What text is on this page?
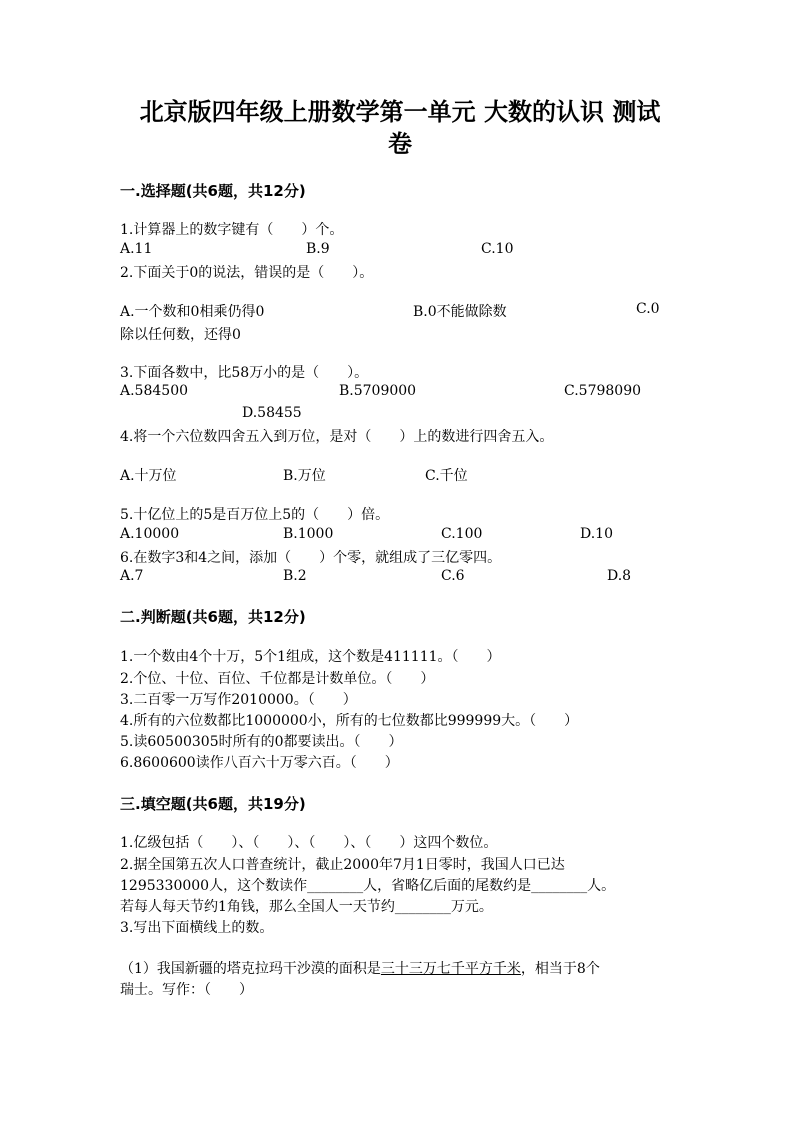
北京版四年级上册数学第一单元 大数的认识 测试
卷
一.选择题(共6题，共12分)
1.计算器上的数字键有（　　）个。
A.11	B.9	C.10
2.下面关于0的说法，错误的是（　　）。
A.一个数和0相乘仍得0	B.0不能做除数	C.0
除以任何数，还得0
3.下面各数中，比58万小的是（　　）。
A.584500	B.5709000	C.5798090
D.58455
4.将一个六位数四舍五入到万位，是对（　　）上的数进行四舍五入。
A.十万位	B.万位	C.千位
5.十亿位上的5是百万位上5的（　　）倍。
A.10000	B.1000	C.100	D.10
6.在数字3和4之间，添加（　　）个零，就组成了三亿零四。
A.7	B.2	C.6	D.8
二.判断题(共6题，共12分)
1.一个数由4个十万，5个1组成，这个数是411111。（　　）
2.个位、十位、百位、千位都是计数单位。（　　）
3.二百零一万写作2010000。（　　）
4.所有的六位数都比1000000小，所有的七位数都比999999大。（　　）
5.读60500305时所有的0都要读出。（　　）
6.8600600读作八百六十万零六百。（　　）
三.填空题(共6题，共19分)
1.亿级包括（　　）、（　　）、（　　）、（　　）这四个数位。
2.据全国第五次人口普查统计，截止2000年7月1日零时，我国人口已达
1295330000人，这个数读作________人，省略亿后面的尾数约是________人。
若每人每天节约1角钱，那么全国人一天节约________万元。
3.写出下面横线上的数。
（1）我国新疆的塔克拉玛干沙漠的面积是三十三万七千平方千米，相当于8个
瑞士。写作：（　　）
